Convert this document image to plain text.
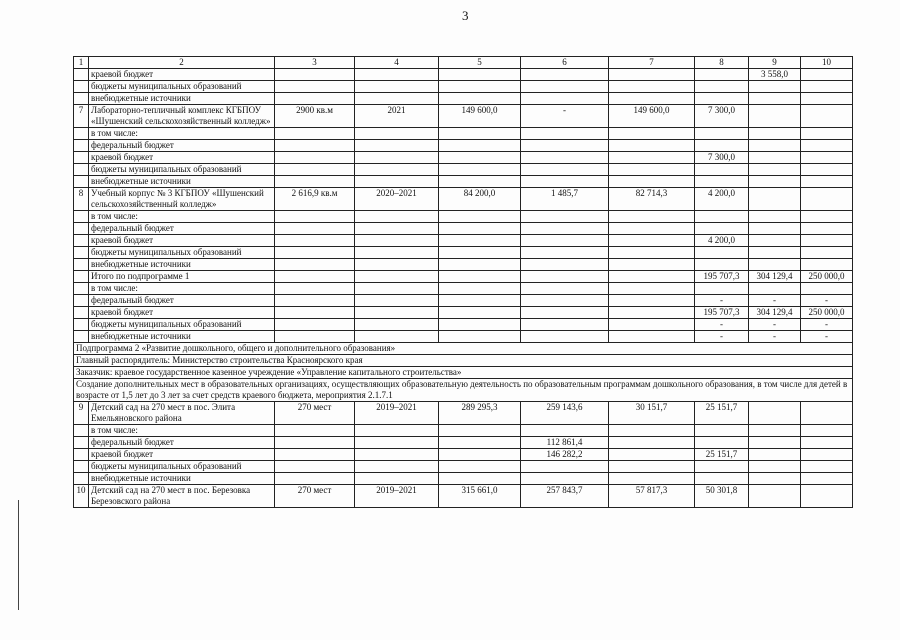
3
1	2	3	4	5	6	7	8	9	10
	краевой бюджет							3 558,0	
	бюджеты муниципальных образований								
	внебюджетные источники								
7	Лабораторно-тепличный комплекс КГБПОУ «Шушенский сельскохозяйственный колледж»	2900 кв.м	2021	149 600,0	-	149 600,0	7 300,0		
	в том числе:								
	федеральный бюджет								
	краевой бюджет						7 300,0		
	бюджеты муниципальных образований								
	внебюджетные источники								
8	Учебный корпус № 3 КГБПОУ «Шушенский сельскохозяйственный колледж»	2 616,9 кв.м	2020–2021	84 200,0	1 485,7	82 714,3	4 200,0		
	в том числе:								
	федеральный бюджет								
	краевой бюджет						4 200,0		
	бюджеты муниципальных образований								
	внебюджетные источники								
	Итого по подпрограмме 1						195 707,3	304 129,4	250 000,0
	в том числе:								
	федеральный бюджет						-	-	-
	краевой бюджет						195 707,3	304 129,4	250 000,0
	бюджеты муниципальных образований						-	-	-
	внебюджетные источники						-	-	-
Подпрограмма 2 «Развитие дошкольного, общего и дополнительного образования»									
Главный распорядитель: Министерство строительства Красноярского края									
Заказчик: краевое государственное казенное учреждение «Управление капитального строительства»									
Создание дополнительных мест в образовательных организациях, осуществляющих образовательную деятельность по образовательным программам дошкольного образования, в том числе для детей в возрасте от 1,5 лет до 3 лет за счет средств краевого бюджета, мероприятия 2.1.7.1									
9	Детский сад на 270 мест в пос. Элита Емельяновского района	270 мест	2019–2021	289 295,3	259 143,6	30 151,7	25 151,7		
	в том числе:								
	федеральный бюджет				112 861,4				
	краевой бюджет				146 282,2		25 151,7		
	бюджеты муниципальных образований								
	внебюджетные источники								
10	Детский сад на 270 мест в пос. Березовка Березовского района	270 мест	2019–2021	315 661,0	257 843,7	57 817,3	50 301,8		
